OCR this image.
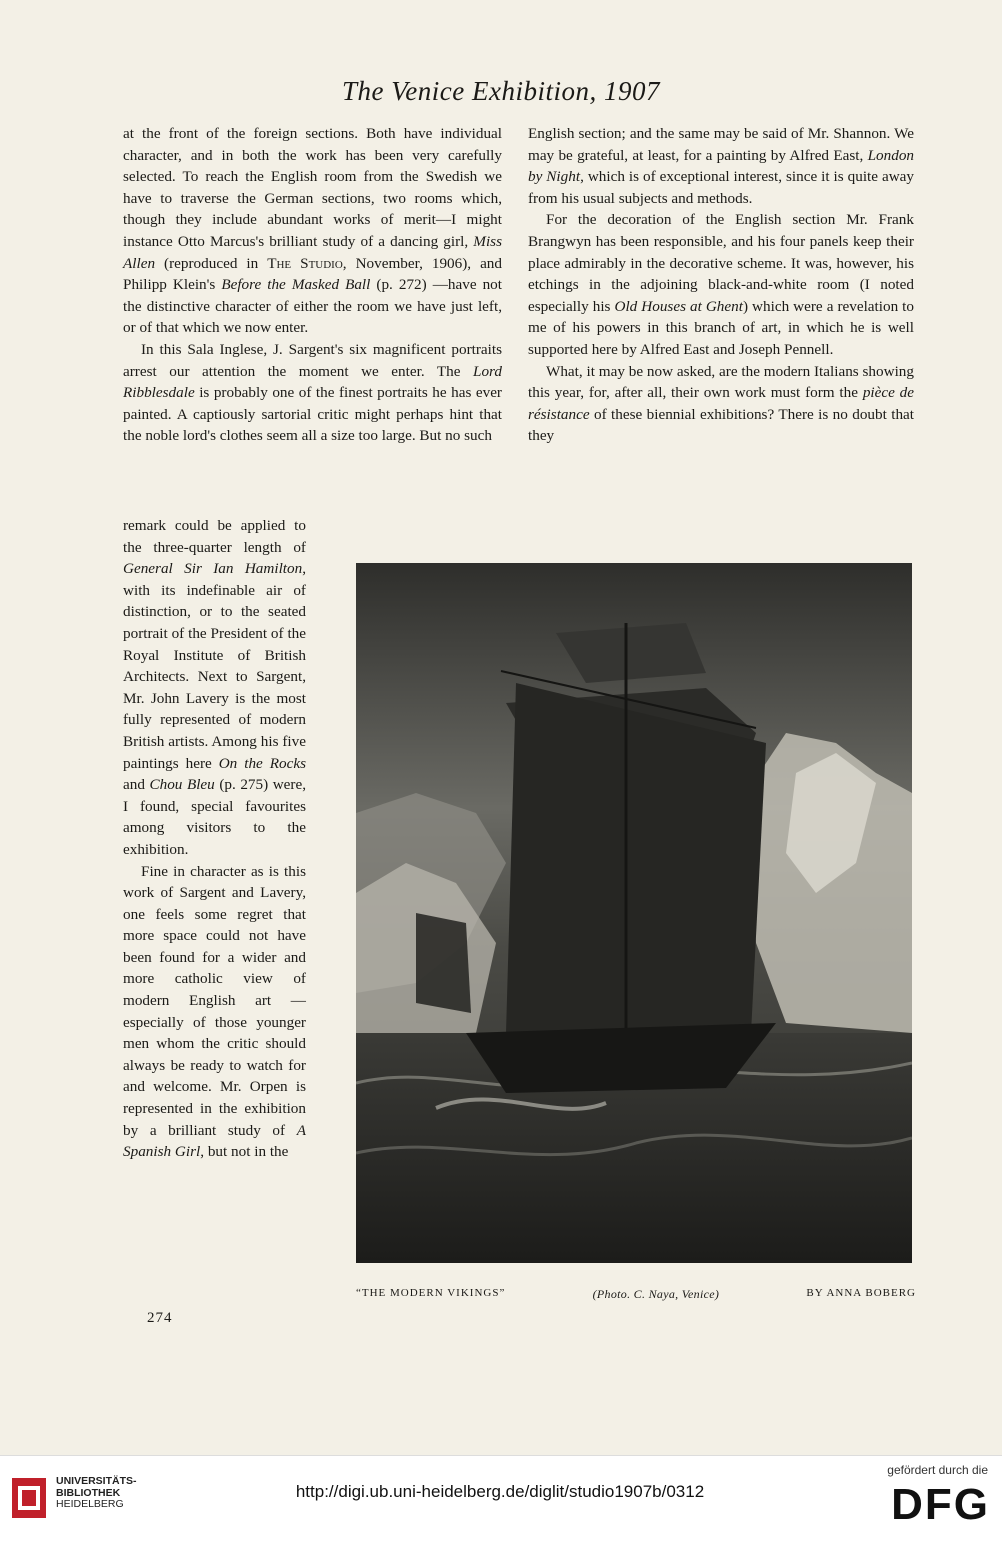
The Venice Exhibition, 1907

at the front of the foreign sections. Both have individual character, and in both the work has been very carefully selected. To reach the English room from the Swedish we have to traverse the German sections, two rooms which, though they include abundant works of merit—I might instance Otto Marcus's brilliant study of a dancing girl, Miss Allen (reproduced in The Studio, November, 1906), and Philipp Klein's Before the Masked Ball (p. 272) —have not the distinctive character of either the room we have just left, or of that which we now enter.

In this Sala Inglese, J. Sargent's six magnificent portraits arrest our attention the moment we enter. The Lord Ribblesdale is probably one of the finest portraits he has ever painted. A captiously sartorial critic might perhaps hint that the noble lord's clothes seem all a size too large. But no such

remark could be applied to the three-quarter length of General Sir Ian Hamilton, with its indefinable air of distinction, or to the seated portrait of the President of the Royal Institute of British Architects. Next to Sargent, Mr. John Lavery is the most fully represented of modern British artists. Among his five paintings here On the Rocks and Chou Bleu (p. 275) were, I found, special favourites among visitors to the exhibition.

Fine in character as is this work of Sargent and Lavery, one feels some regret that more space could not have been found for a wider and more catholic view of modern English art — especially of those younger men whom the critic should always be ready to watch for and welcome. Mr. Orpen is represented in the exhibition by a brilliant study of A Spanish Girl, but not in the

English section; and the same may be said of Mr. Shannon. We may be grateful, at least, for a painting by Alfred East, London by Night, which is of exceptional interest, since it is quite away from his usual subjects and methods.

For the decoration of the English section Mr. Frank Brangwyn has been responsible, and his four panels keep their place admirably in the decorative scheme. It was, however, his etchings in the adjoining black-and-white room (I noted especially his Old Houses at Ghent) which were a revelation to me of his powers in this branch of art, in which he is well supported here by Alfred East and Joseph Pennell.

What, it may be now asked, are the modern Italians showing this year, for, after all, their own work must form the pièce de résistance of these biennial exhibitions? There is no doubt that they

“THE MODERN VIKINGS”	(Photo. C. Naya, Venice)	BY ANNA BOBERG
274
UNIVERSITÄTS-
BIBLIOTHEK
HEIDELBERG
http://digi.ub.uni-heidelberg.de/diglit/studio1907b/0312
gefördert durch die
DFG
